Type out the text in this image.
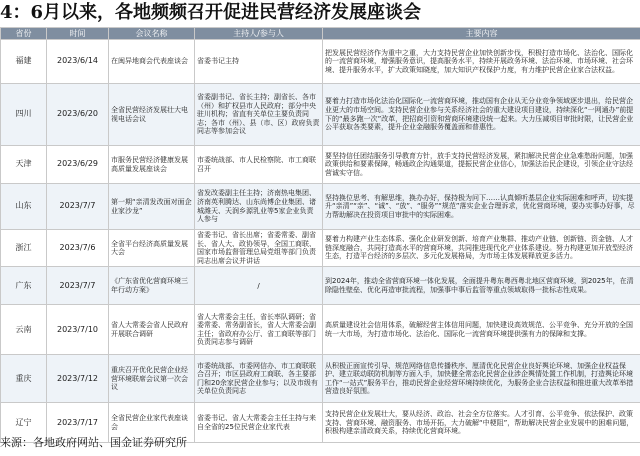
4：6月以来，各地频频召开促进民营经济发展座谈会
省份	时间	会议名称	主持人/参与人	主要内容
福建	2023/6/14	在闽异地商会代表座谈会	省委书记主持	把发展民营经济作为重中之重，大力支持民营企业加快创新步伐，积极打造市场化、法治化、国际化的一流营商环境，增强服务意识，提高服务水平，持续开展政务环境、法治环境、市场环境、社会环境、提升服务水平，扩大政策知晓度，加大知识产权保护力度，有力维护民营企业家合法权益。
四川	2023/6/20	全省民营经济发展壮大电视电话会议	省委副书记、省长主持；副省长、各市（州）和扩权县市人民政府；部分中央驻川机构；省直有关单位主要负责同志；各市（州）、县（市、区）政府负责同志等参加会议	要着力打造市场化法治化国际化一流营商环境，推动国有企业从无分业竞争领域逐步退出，给民营企业更大的市场空间。支持民营企业参与关系经济社会的重大建设项目建设，持续深化“一网通办”前提下的“最多跑一次”改革，把招商引资和营商环境建设统一起来。大力压减项目审批时限，让民营企业公平获取各类要素，提升企业金融服务覆盖面和普惠性。
天津	2023/6/29	市服务民营经济健康发展高质量发展座谈会	市委统战部、市人民检察院、市工商联召开	要坚持信任团结服务引导教育方针，放手支持民营经济发展，紧扣解决民营企业急难愁盼问题，加强政策供给和要素保障，畅通政企沟通渠道，提振民营企业信心，加强法治民企建设，引领企业守法经营诚实守信。
山东	2023/7/7	第一期“亲清发改面对面企业家沙龙”	省发改委副主任主持；济南热电集团、济南英利腾达、山东尚博企业集团、诸城潍天、天润乡源乳业等5家企业负责人参与	坚持换位思考、有解思维，换办办好，保持极为问下……认真倾听基层企业实际困难和呼声，切实提升“亲清”“亲”、“诚”、“放”、“服务”“规范”落实企业合理诉求，优化营商环境，要办实事办好事，尽力帮助解决在投资项目审批中的实际困难。
浙江	2023/7/6	全省平台经济高质量发展大会	省委书记、省长出席；省委常委、副省长、省人大、政协领导，全国工商联、国家市场监督管理总局党组等部门负责同志出席会议并讲话	要着力构建产业生态体系、强化企业研发创新、培育产业集群、推动产业链、创新链、资金链、人才链深度融合，共同打造高水平的营商环境，共同推进现代化产业体系建设。努力构建更加开放型经济生态，打造平台经济的多层次、多元化发展格局，为市场主体发展释放更多活力。
广东	2023/7/7	《广东省优化营商环境三年行动方案》	/	到2024年，推动全省营商环境一体化发展，全面提升粤东粤西粤北地区营商环境，到2025年，在清除隐性壁垒、优化再造审批流程，加强事中事后监管等重点领域取得一批标志性成果。
云南	2023/7/10	省人大常委会省人民政府开展联合调研	省人大常委会主任，省长率队调研；省委常委、常务副省长，省人大常委会副主任；省政府办公厅、省工商联等部门负责同志参与调研	高质量建设社会信用体系，破解经营主体信用问题，加快建设高效规范、公平竞争、充分开放的全国统一大市场，为打造市场化、法治化、国际化一流营商环境提供强有力的保障和支撑。
重庆	2023/7/12	重庆召开优化民营企业经营环境联席会议第一次会议	市委统战部、市委网信办、市工商联联合召开；市区县政府工商联、各主要部门和20余家民营企业参与；以及市级有关单位负责同志	从积极正面宣传引导、规范网络信息传播秩序、厘清优化民营企业良好舆论环境、加强企业权益保护、建立联动联防机制等方面入手，加快健全常态化民营企业涉企舆情处置工作机制，打造舆论环境工作“一站式”服务平台，推动民营企业经营环境持续优化，为服务企业合法权益和推进重大改革举措营造良好氛围。
辽宁	2023/7/17	全省民营企业家代表座谈会	省委书记、省人大常委会主任主持与来自全省的25位民营企业家代表	支持民营企业发展壮大，要从经济、政治、社会全方位落实。人才引育、公平竞争、依法保护、政策支持、营商环境、融资服务、市场开拓，大力破解“中梗阻”，帮助解决民营企业发展中的困难问题，积极构建亲清政商关系，持续优化营商环境。
来源：各地政府网站、国金证券研究所
